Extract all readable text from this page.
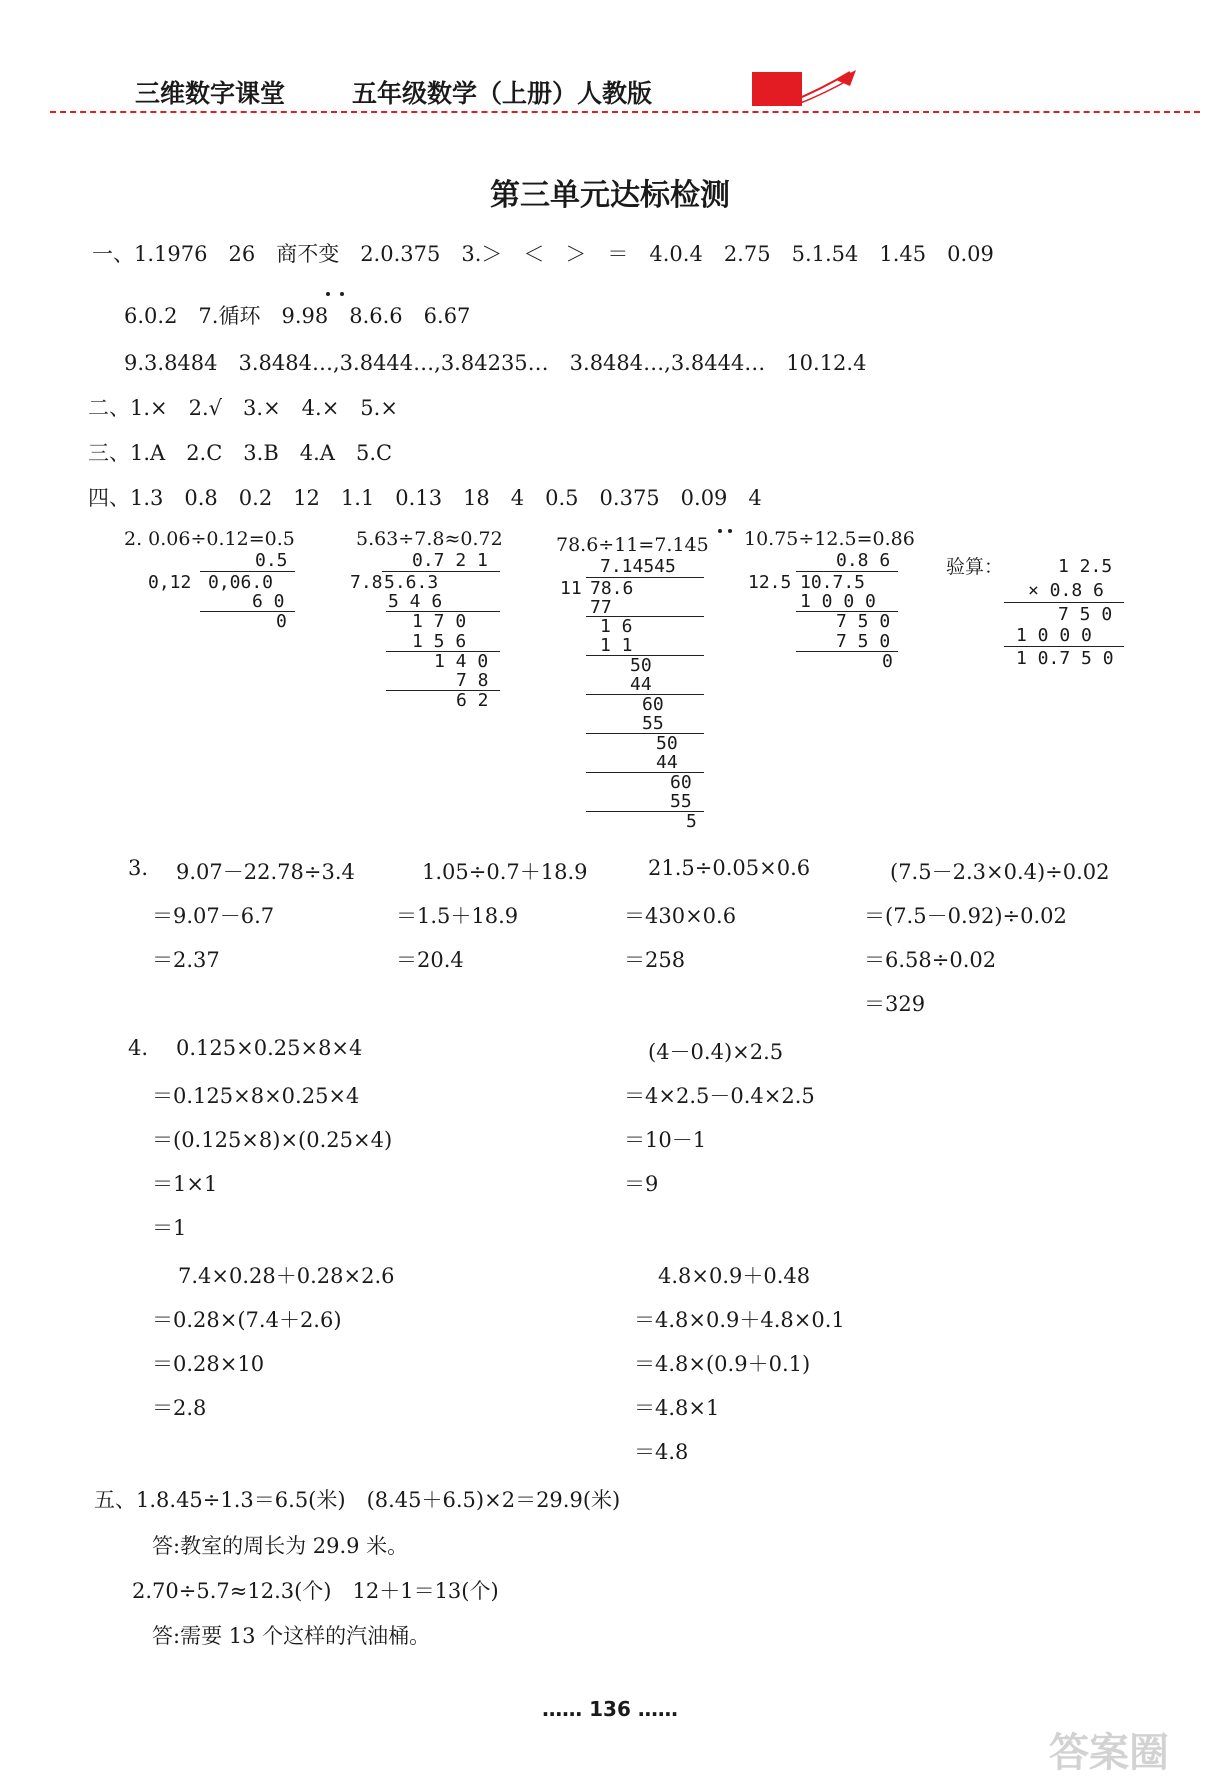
三维数字课堂	五年级数学（上册）人教版
第三单元达标检测
一、1.1976　26　商不变　2.0.375　3.＞　＜　＞　＝　4.0.4　2.75　5.1.54　1.45　0.09
6.0.2　7.循环　9.98　8.6.6　6.67
9.3.8484　3.8484…,3.8444…,3.84235…　3.8484…,3.8444…　10.12.4
二、1.×　2.√　3.×　4.×　5.×
三、1.A　2.C　3.B　4.A　5.C
四、1.3　0.8　0.2　12　1.1　0.13　18　4　0.5　0.375　0.09　4
2. 0.06÷0.12=0.5
0.5
0,12 0,06.0
6 0
0
5.63÷7.8≈0.72
0.7 2 1
7.8 5.6.3
5 4 6
1 7 0
1 5 6
1 4 0
7 8
6 2
78.6÷11=7.145
7.14545
11 78.6
77
1 6
1 1
50
44
60
55
50
44
60
55
5
10.75÷12.5=0.86
0.8 6
12.5 10.7.5
1 0 0 0
7 5 0
7 5 0
0
验算：	1 2.5
× 0.8 6
7 5 0
1 0 0 0
1 0.7 5 0
3. 9.07－22.78÷3.4
＝9.07－6.7
＝2.37
1.05÷0.7＋18.9
＝1.5＋18.9
＝20.4
21.5÷0.05×0.6
＝430×0.6
＝258
(7.5－2.3×0.4)÷0.02
＝(7.5－0.92)÷0.02
＝6.58÷0.02
＝329
4. 0.125×0.25×8×4
＝0.125×8×0.25×4
＝(0.125×8)×(0.25×4)
＝1×1
＝1
(4－0.4)×2.5
＝4×2.5－0.4×2.5
＝10－1
＝9
7.4×0.28＋0.28×2.6
＝0.28×(7.4＋2.6)
＝0.28×10
＝2.8
4.8×0.9＋0.48
＝4.8×0.9＋4.8×0.1
＝4.8×(0.9＋0.1)
＝4.8×1
＝4.8
五、1.8.45÷1.3＝6.5(米)　(8.45＋6.5)×2＝29.9(米)
答:教室的周长为 29.9 米。
2.70÷5.7≈12.3(个)　12＋1＝13(个)
答:需要 13 个这样的汽油桶。
…… 136 ……
答案圈
